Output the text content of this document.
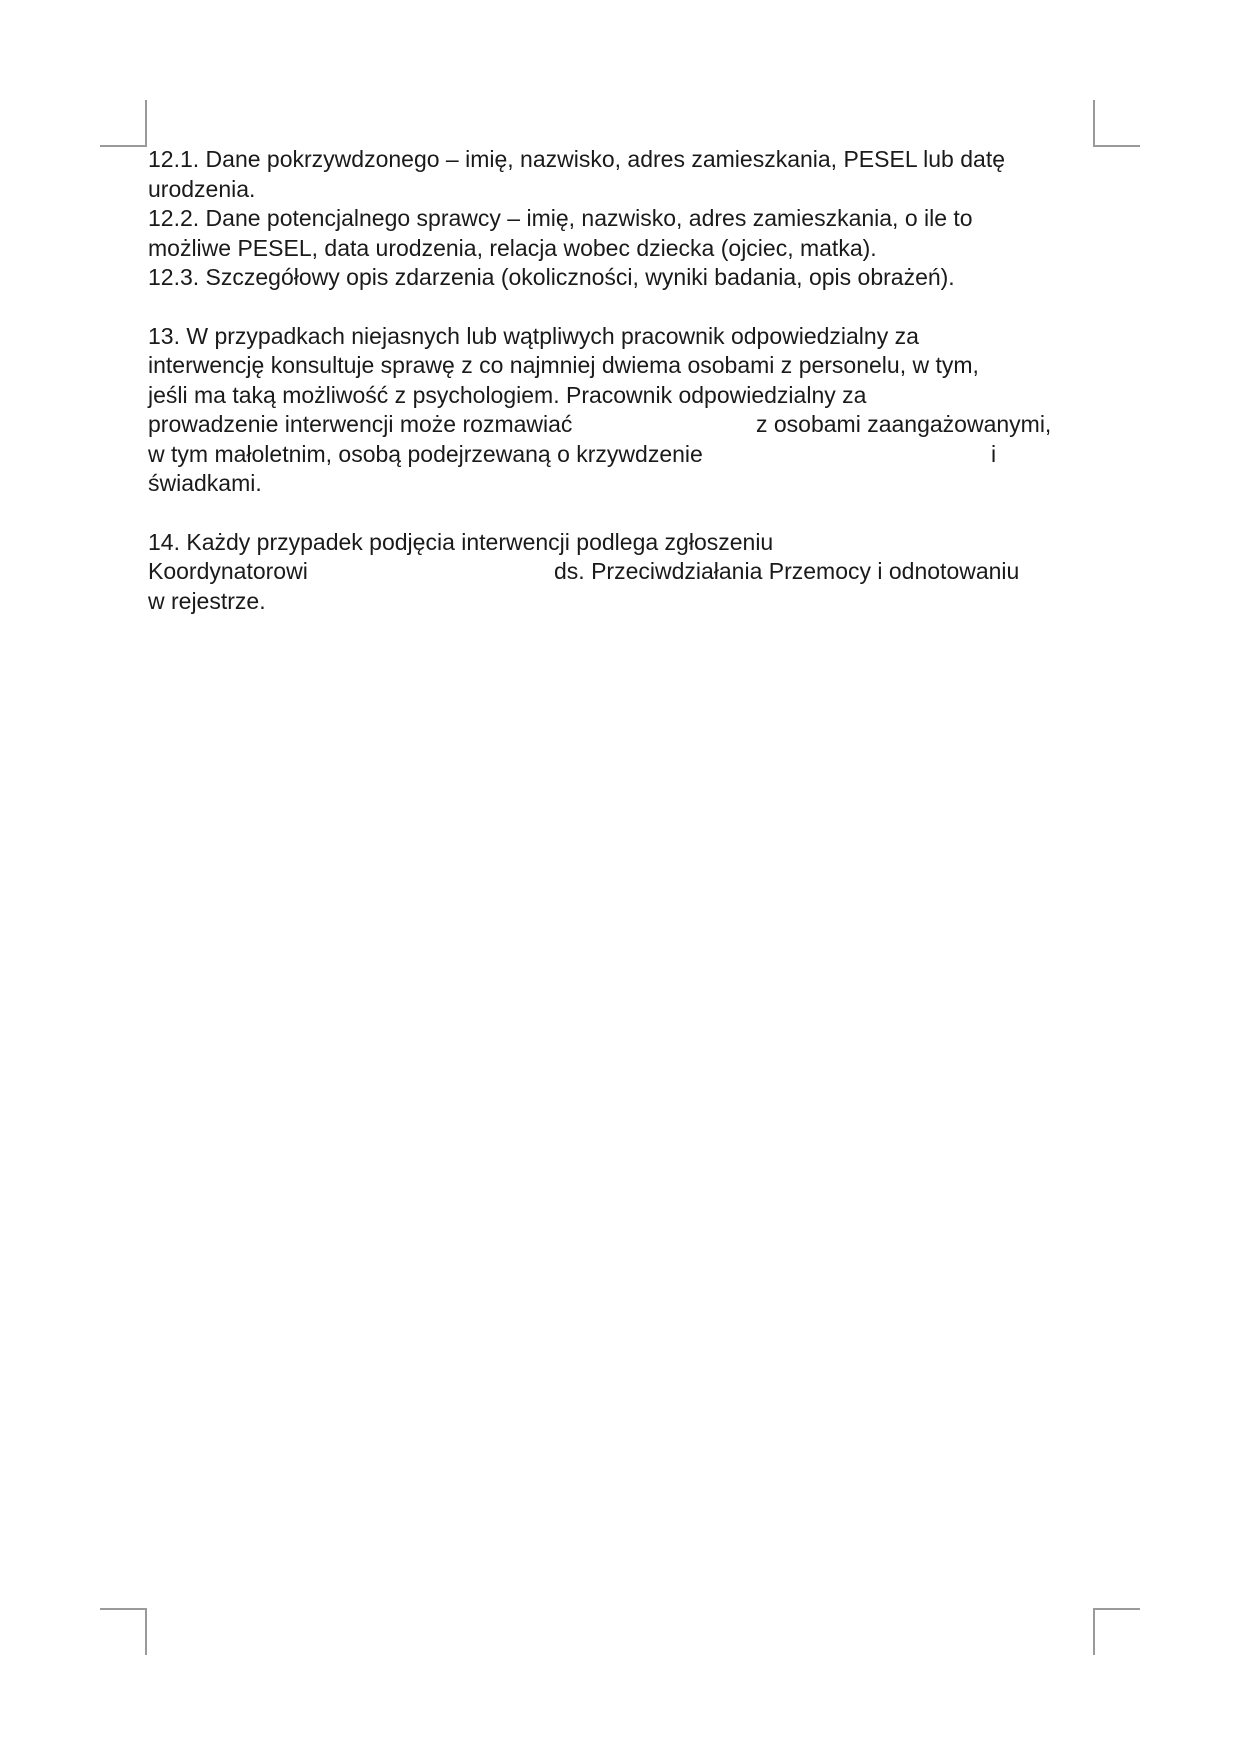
12.1. Dane pokrzywdzonego – imię, nazwisko, adres zamieszkania, PESEL lub datę
urodzenia.
12.2. Dane potencjalnego sprawcy – imię, nazwisko, adres zamieszkania, o ile to
możliwe PESEL, data urodzenia, relacja wobec dziecka (ojciec, matka).
12.3. Szczegółowy opis zdarzenia (okoliczności, wyniki badania, opis obrażeń).
13. W przypadkach niejasnych lub wątpliwych pracownik odpowiedzialny za
interwencję konsultuje sprawę z co najmniej dwiema osobami z personelu, w tym,
jeśli ma taką możliwość z psychologiem. Pracownik odpowiedzialny za
prowadzenie interwencji może rozmawiać	z osobami zaangażowanymi,
w tym małoletnim, osobą podejrzewaną o krzywdzenie	i
świadkami.
14. Każdy przypadek podjęcia interwencji podlega zgłoszeniu
Koordynatorowi	ds. Przeciwdziałania Przemocy i odnotowaniu
w rejestrze.
